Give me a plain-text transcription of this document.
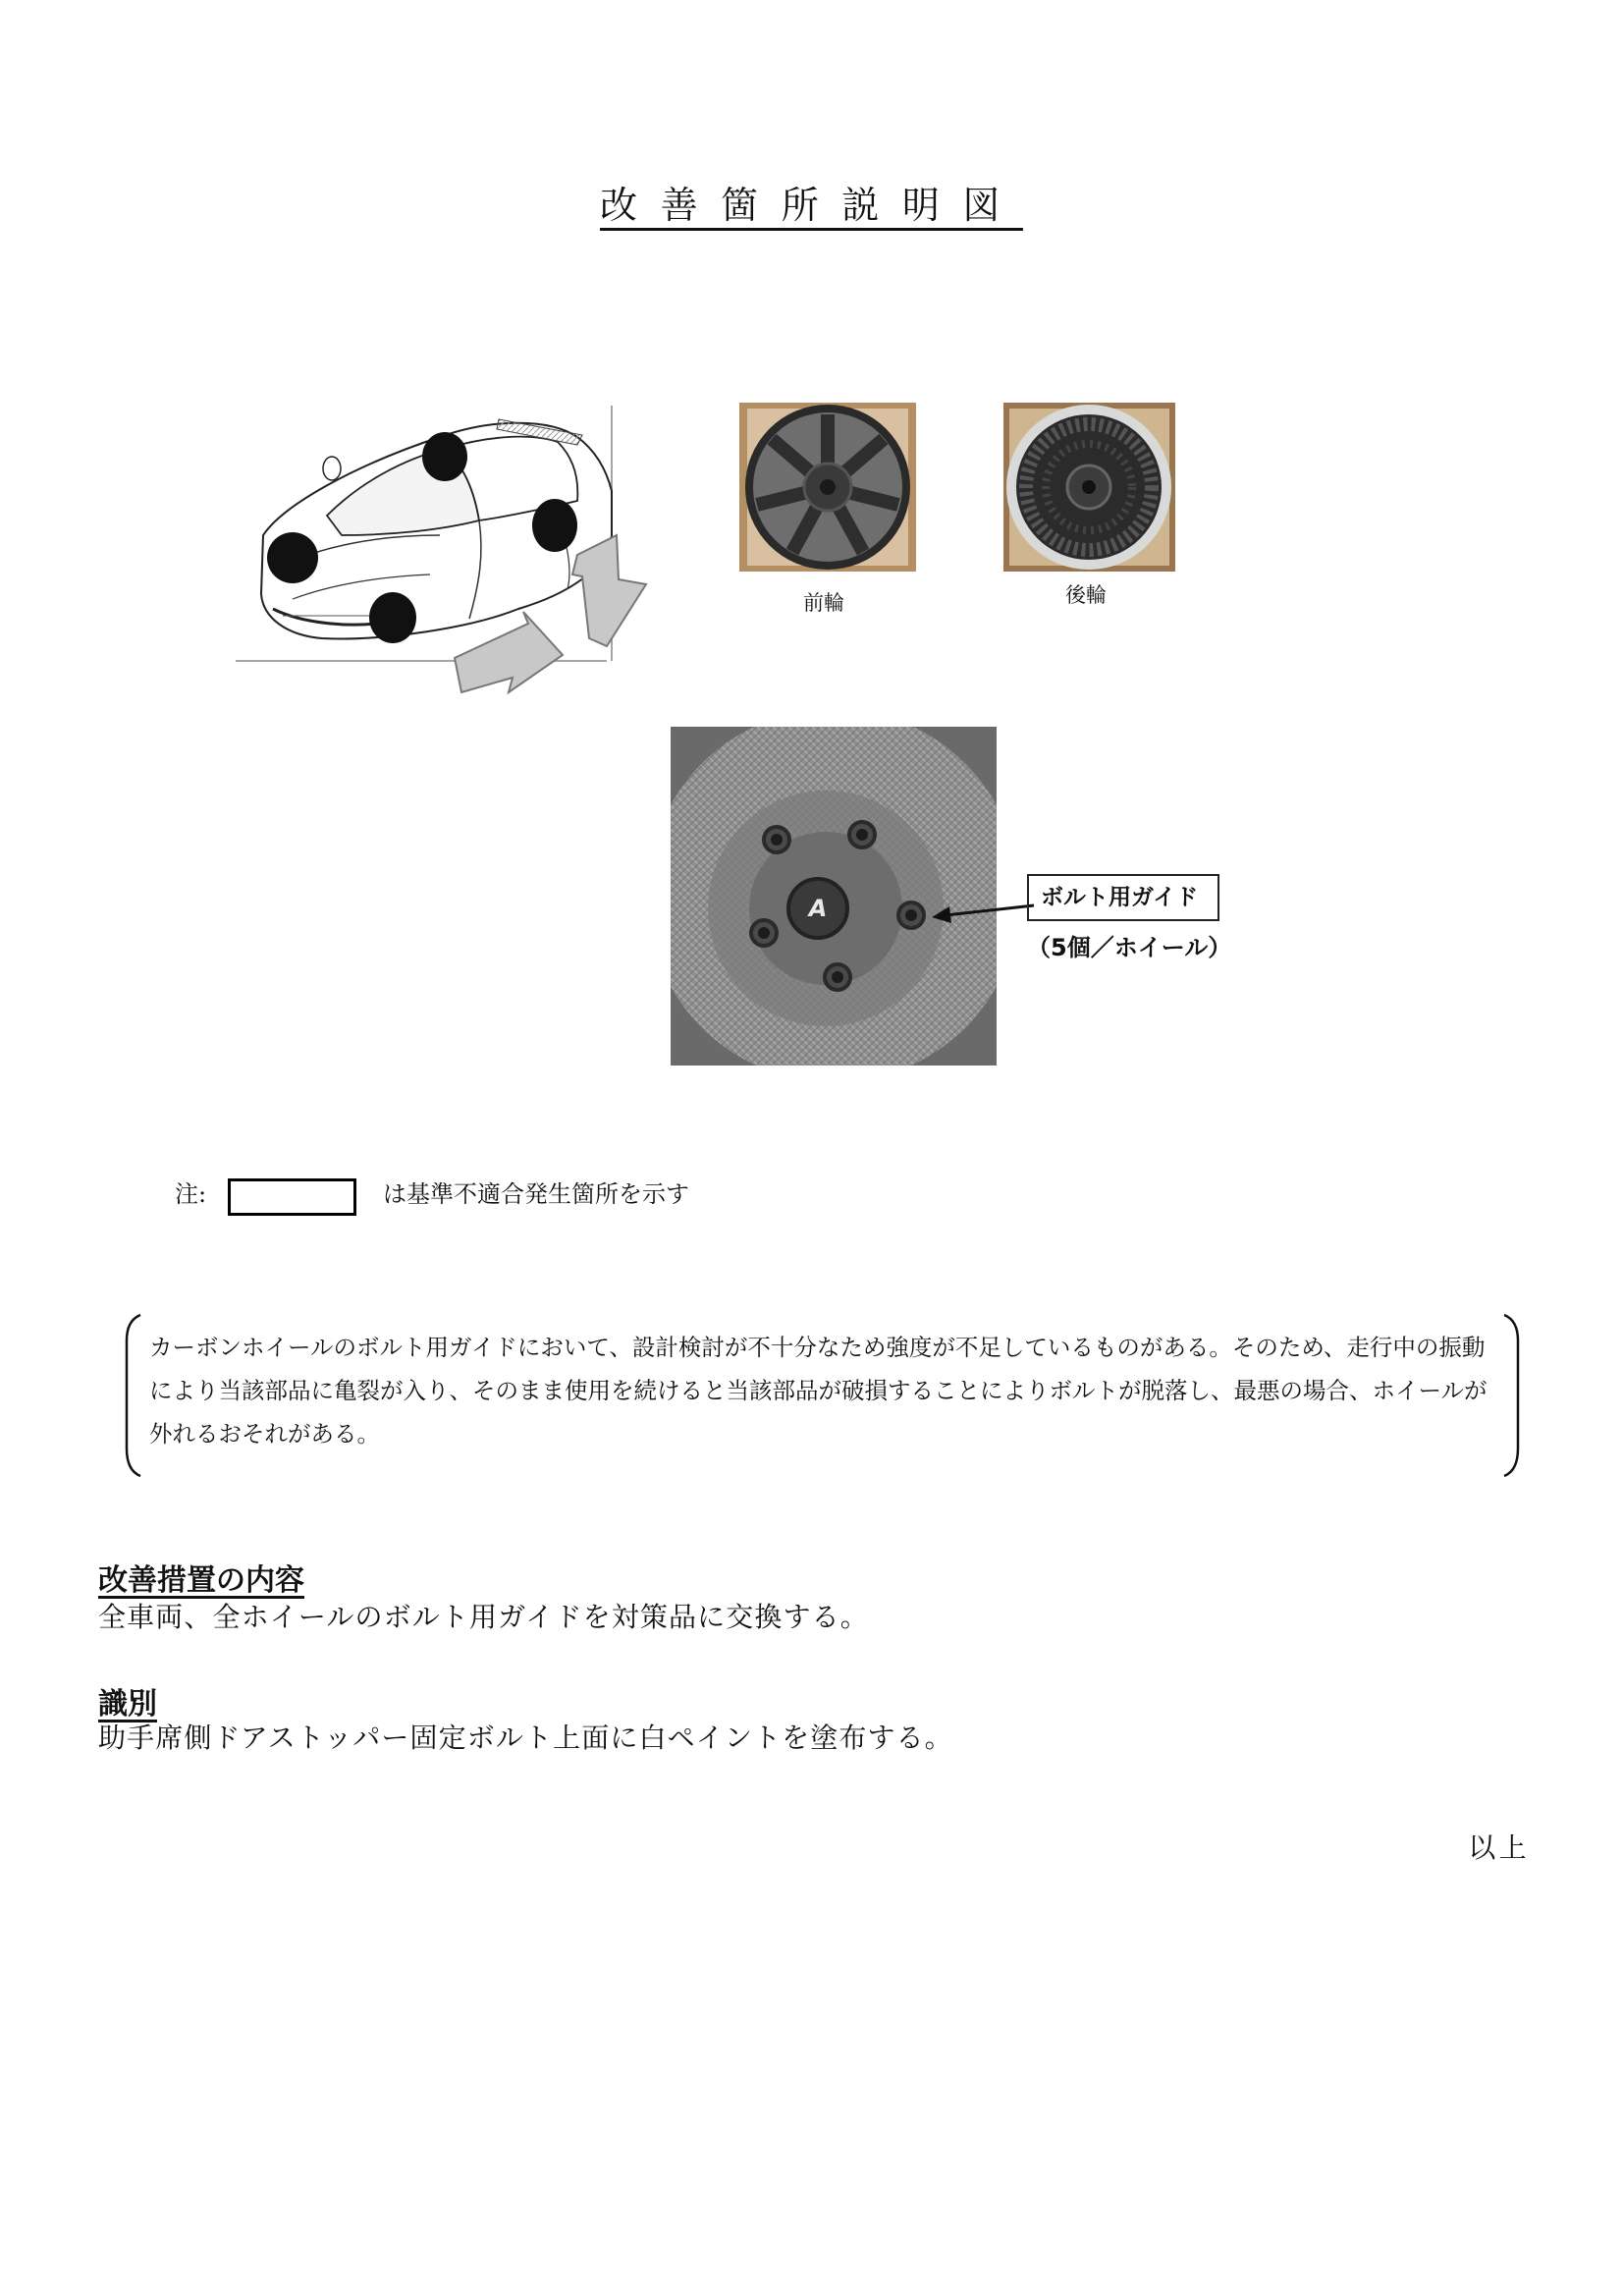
改善箇所説明図
前輪	後輪
A	ボルト用ガイド
（5個／ホイール）
注:	は基準不適合発生箇所を示す
カーボンホイールのボルト用ガイドにおいて、設計検討が不十分なため強度が不足しているものがある。そのため、走行中の振動により当該部品に亀裂が入り、そのまま使用を続けると当該部品が破損することによりボルトが脱落し、最悪の場合、ホイールが外れるおそれがある。
改善措置の内容
全車両、全ホイールのボルト用ガイドを対策品に交換する。
識別
助手席側ドアストッパー固定ボルト上面に白ペイントを塗布する。
以上
